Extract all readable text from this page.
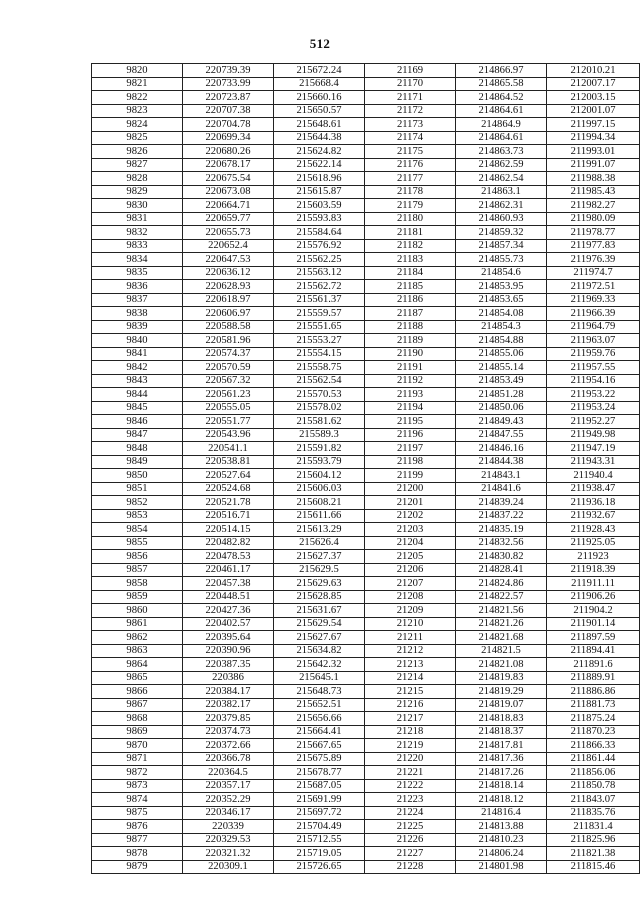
512
9820	220739.39	215672.24	21169	214866.97	212010.21
9821	220733.99	215668.4	21170	214865.58	212007.17
9822	220723.87	215660.16	21171	214864.52	212003.15
9823	220707.38	215650.57	21172	214864.61	212001.07
9824	220704.78	215648.61	21173	214864.9	211997.15
9825	220699.34	215644.38	21174	214864.61	211994.34
9826	220680.26	215624.82	21175	214863.73	211993.01
9827	220678.17	215622.14	21176	214862.59	211991.07
9828	220675.54	215618.96	21177	214862.54	211988.38
9829	220673.08	215615.87	21178	214863.1	211985.43
9830	220664.71	215603.59	21179	214862.31	211982.27
9831	220659.77	215593.83	21180	214860.93	211980.09
9832	220655.73	215584.64	21181	214859.32	211978.77
9833	220652.4	215576.92	21182	214857.34	211977.83
9834	220647.53	215562.25	21183	214855.73	211976.39
9835	220636.12	215563.12	21184	214854.6	211974.7
9836	220628.93	215562.72	21185	214853.95	211972.51
9837	220618.97	215561.37	21186	214853.65	211969.33
9838	220606.97	215559.57	21187	214854.08	211966.39
9839	220588.58	215551.65	21188	214854.3	211964.79
9840	220581.96	215553.27	21189	214854.88	211963.07
9841	220574.37	215554.15	21190	214855.06	211959.76
9842	220570.59	215558.75	21191	214855.14	211957.55
9843	220567.32	215562.54	21192	214853.49	211954.16
9844	220561.23	215570.53	21193	214851.28	211953.22
9845	220555.05	215578.02	21194	214850.06	211953.24
9846	220551.77	215581.62	21195	214849.43	211952.27
9847	220543.96	215589.3	21196	214847.55	211949.98
9848	220541.1	215591.82	21197	214846.16	211947.19
9849	220538.81	215593.79	21198	214844.38	211943.31
9850	220527.64	215604.12	21199	214843.1	211940.4
9851	220524.68	215606.03	21200	214841.6	211938.47
9852	220521.78	215608.21	21201	214839.24	211936.18
9853	220516.71	215611.66	21202	214837.22	211932.67
9854	220514.15	215613.29	21203	214835.19	211928.43
9855	220482.82	215626.4	21204	214832.56	211925.05
9856	220478.53	215627.37	21205	214830.82	211923
9857	220461.17	215629.5	21206	214828.41	211918.39
9858	220457.38	215629.63	21207	214824.86	211911.11
9859	220448.51	215628.85	21208	214822.57	211906.26
9860	220427.36	215631.67	21209	214821.56	211904.2
9861	220402.57	215629.54	21210	214821.26	211901.14
9862	220395.64	215627.67	21211	214821.68	211897.59
9863	220390.96	215634.82	21212	214821.5	211894.41
9864	220387.35	215642.32	21213	214821.08	211891.6
9865	220386	215645.1	21214	214819.83	211889.91
9866	220384.17	215648.73	21215	214819.29	211886.86
9867	220382.17	215652.51	21216	214819.07	211881.73
9868	220379.85	215656.66	21217	214818.83	211875.24
9869	220374.73	215664.41	21218	214818.37	211870.23
9870	220372.66	215667.65	21219	214817.81	211866.33
9871	220366.78	215675.89	21220	214817.36	211861.44
9872	220364.5	215678.77	21221	214817.26	211856.06
9873	220357.17	215687.05	21222	214818.14	211850.78
9874	220352.29	215691.99	21223	214818.12	211843.07
9875	220346.17	215697.72	21224	214816.4	211835.76
9876	220339	215704.49	21225	214813.88	211831.4
9877	220329.53	215712.55	21226	214810.23	211825.96
9878	220321.32	215719.05	21227	214806.24	211821.38
9879	220309.1	215726.65	21228	214801.98	211815.46
